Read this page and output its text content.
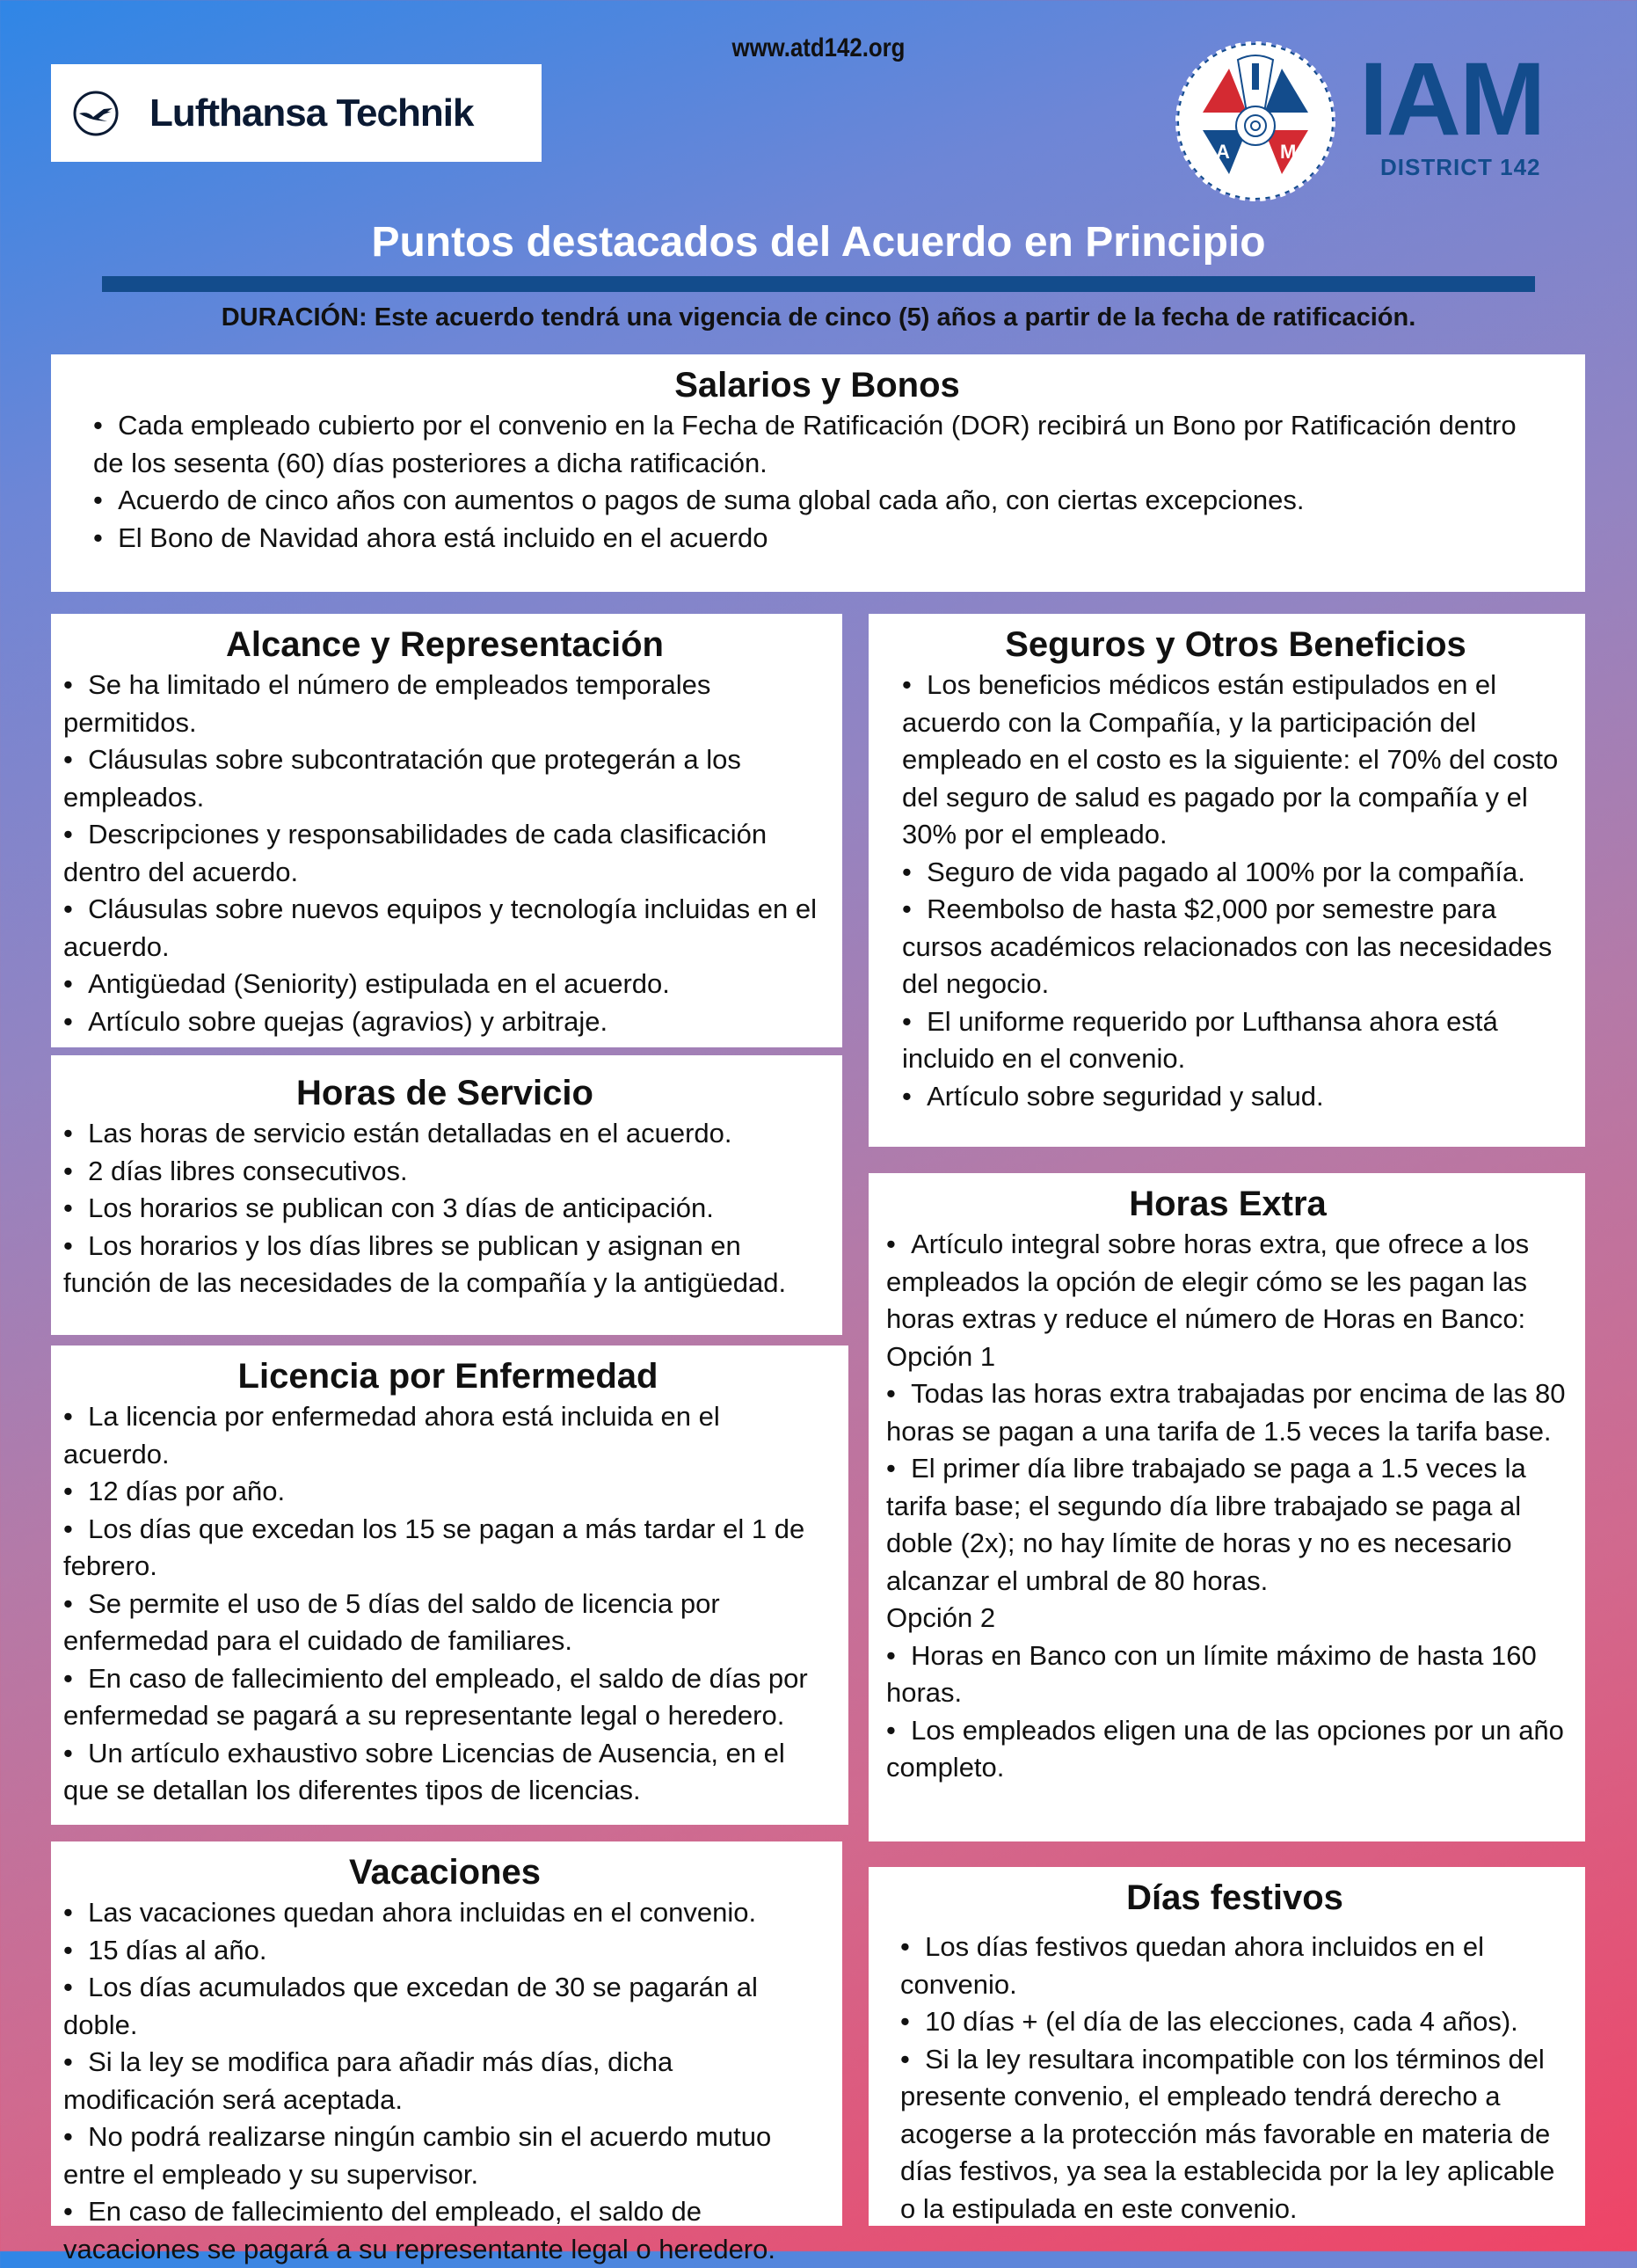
www.atd142.org
Lufthansa Technik
A	M IAM
DISTRICT 142
Puntos destacados del Acuerdo en Principio
DURACIÓN: Este acuerdo tendrá una vigencia de cinco (5) años a partir de la fecha de ratificación.
Salarios y Bonos
•  Cada empleado cubierto por el convenio en la Fecha de Ratificación (DOR) recibirá un Bono por Ratificación dentro de los sesenta (60) días posteriores a dicha ratificación.
•  Acuerdo de cinco años con aumentos o pagos de suma global cada año, con ciertas excepciones.
•  El Bono de Navidad ahora está incluido en el acuerdo
Alcance y Representación
•  Se ha limitado el número de empleados temporales permitidos.
•  Cláusulas sobre subcontratación que protegerán a los empleados.
•  Descripciones y responsabilidades de cada clasificación dentro del acuerdo.
•  Cláusulas sobre nuevos equipos y tecnología incluidas en el acuerdo.
•  Antigüedad (Seniority) estipulada en el acuerdo.
•  Artículo sobre quejas (agravios) y arbitraje.
Horas de Servicio
•  Las horas de servicio están detalladas en el acuerdo.
•  2 días libres consecutivos.
•  Los horarios se publican con 3 días de anticipación.
•  Los horarios y los días libres se publican y asignan en función de las necesidades de la compañía y la antigüedad.
Licencia por Enfermedad
•  La licencia por enfermedad ahora está incluida en el acuerdo.
•  12 días por año.
•  Los días que excedan los 15 se pagan a más tardar el 1 de febrero.
•  Se permite el uso de 5 días del saldo de licencia por enfermedad para el cuidado de familiares.
•  En caso de fallecimiento del empleado, el saldo de días por enfermedad se pagará a su representante legal o heredero.
•  Un artículo exhaustivo sobre Licencias de Ausencia, en el que se detallan los diferentes tipos de licencias.
Vacaciones
•  Las vacaciones quedan ahora incluidas en el convenio.
•  15 días al año.
•  Los días acumulados que excedan de 30 se pagarán al doble.
•  Si la ley se modifica para añadir más días, dicha modificación será aceptada.
•  No podrá realizarse ningún cambio sin el acuerdo mutuo entre el empleado y su supervisor.
•  En caso de fallecimiento del empleado, el saldo de vacaciones se pagará a su representante legal o heredero.
Seguros y Otros Beneficios
•  Los beneficios médicos están estipulados en el acuerdo con la Compañía, y la participación del empleado en el costo es la siguiente: el 70% del costo del seguro de salud es pagado por la compañía y el 30% por el empleado.
•  Seguro de vida pagado al 100% por la compañía.
•  Reembolso de hasta $2,000 por semestre para cursos académicos relacionados con las necesidades del negocio.
•  El uniforme requerido por Lufthansa ahora está incluido en el convenio.
•  Artículo sobre seguridad y salud.
Horas Extra
•  Artículo integral sobre horas extra, que ofrece a los empleados la opción de elegir cómo se les pagan las horas extras y reduce el número de Horas en Banco:
Opción 1
•  Todas las horas extra trabajadas por encima de las 80 horas se pagan a una tarifa de 1.5 veces la tarifa base.
•  El primer día libre trabajado se paga a 1.5 veces la tarifa base; el segundo día libre trabajado se paga al doble (2x); no hay límite de horas y no es necesario alcanzar el umbral de 80 horas.
Opción 2
•  Horas en Banco con un límite máximo de hasta 160 horas.
•  Los empleados eligen una de las opciones por un año completo.
Días festivos
•  Los días festivos quedan ahora incluidos en el convenio.
•  10 días + (el día de las elecciones, cada 4 años).
•  Si la ley resultara incompatible con los términos del presente convenio, el empleado tendrá derecho a acogerse a la protección más favorable en materia de días festivos, ya sea la establecida por la ley aplicable o la estipulada en este convenio.
